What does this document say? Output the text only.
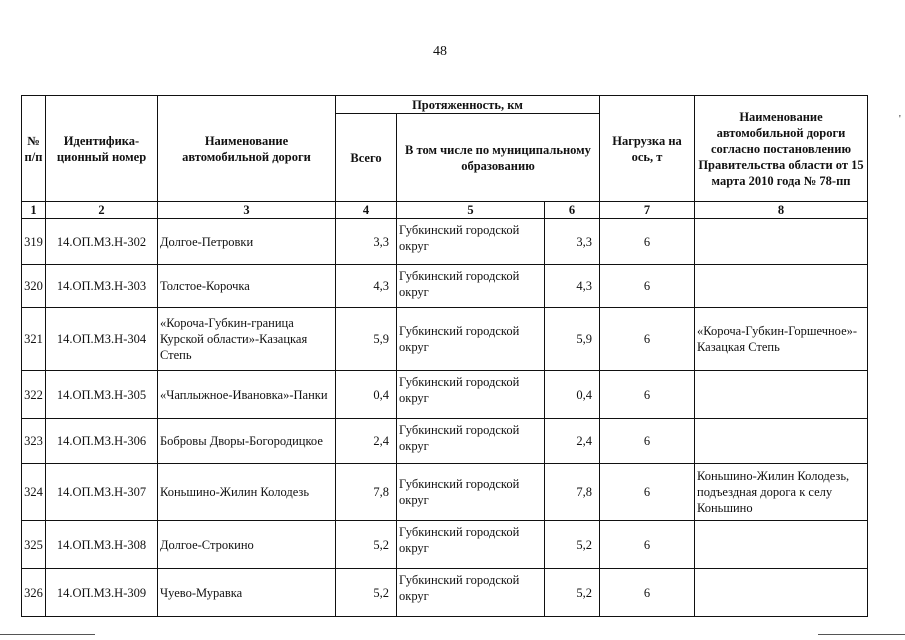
48
'
№ п/п	Идентифика-ционный номер	Наименование автомобильной дороги	Протяженность, км			Нагрузка на ось, т	Наименование автомобильной дороги согласно постановлению Правительства области от 15 марта 2010 года № 78-пп
			Всего	В том числе по муниципальному образованию			
1	2	3	4	5	6	7	8
319	14.ОП.МЗ.Н-302	Долгое-Петровки	3,3	Губкинский городской округ	3,3	6	
320	14.ОП.МЗ.Н-303	Толстое-Корочка	4,3	Губкинский городской округ	4,3	6	
321	14.ОП.МЗ.Н-304	«Короча-Губкин-граница Курской области»-Казацкая Степь	5,9	Губкинский городской округ	5,9	6	«Короча-Губкин-Горшечное»-Казацкая Степь
322	14.ОП.МЗ.Н-305	«Чаплыжное-Ивановка»-Панки	0,4	Губкинский городской округ	0,4	6	
323	14.ОП.МЗ.Н-306	Бобровы Дворы-Богородицкое	2,4	Губкинский городской округ	2,4	6	
324	14.ОП.МЗ.Н-307	Коньшино-Жилин Колодезь	7,8	Губкинский городской округ	7,8	6	Коньшино-Жилин Колодезь, подъездная дорога к селу Коньшино
325	14.ОП.МЗ.Н-308	Долгое-Строкино	5,2	Губкинский городской округ	5,2	6	
326	14.ОП.МЗ.Н-309	Чуево-Муравка	5,2	Губкинский городской округ	5,2	6	
